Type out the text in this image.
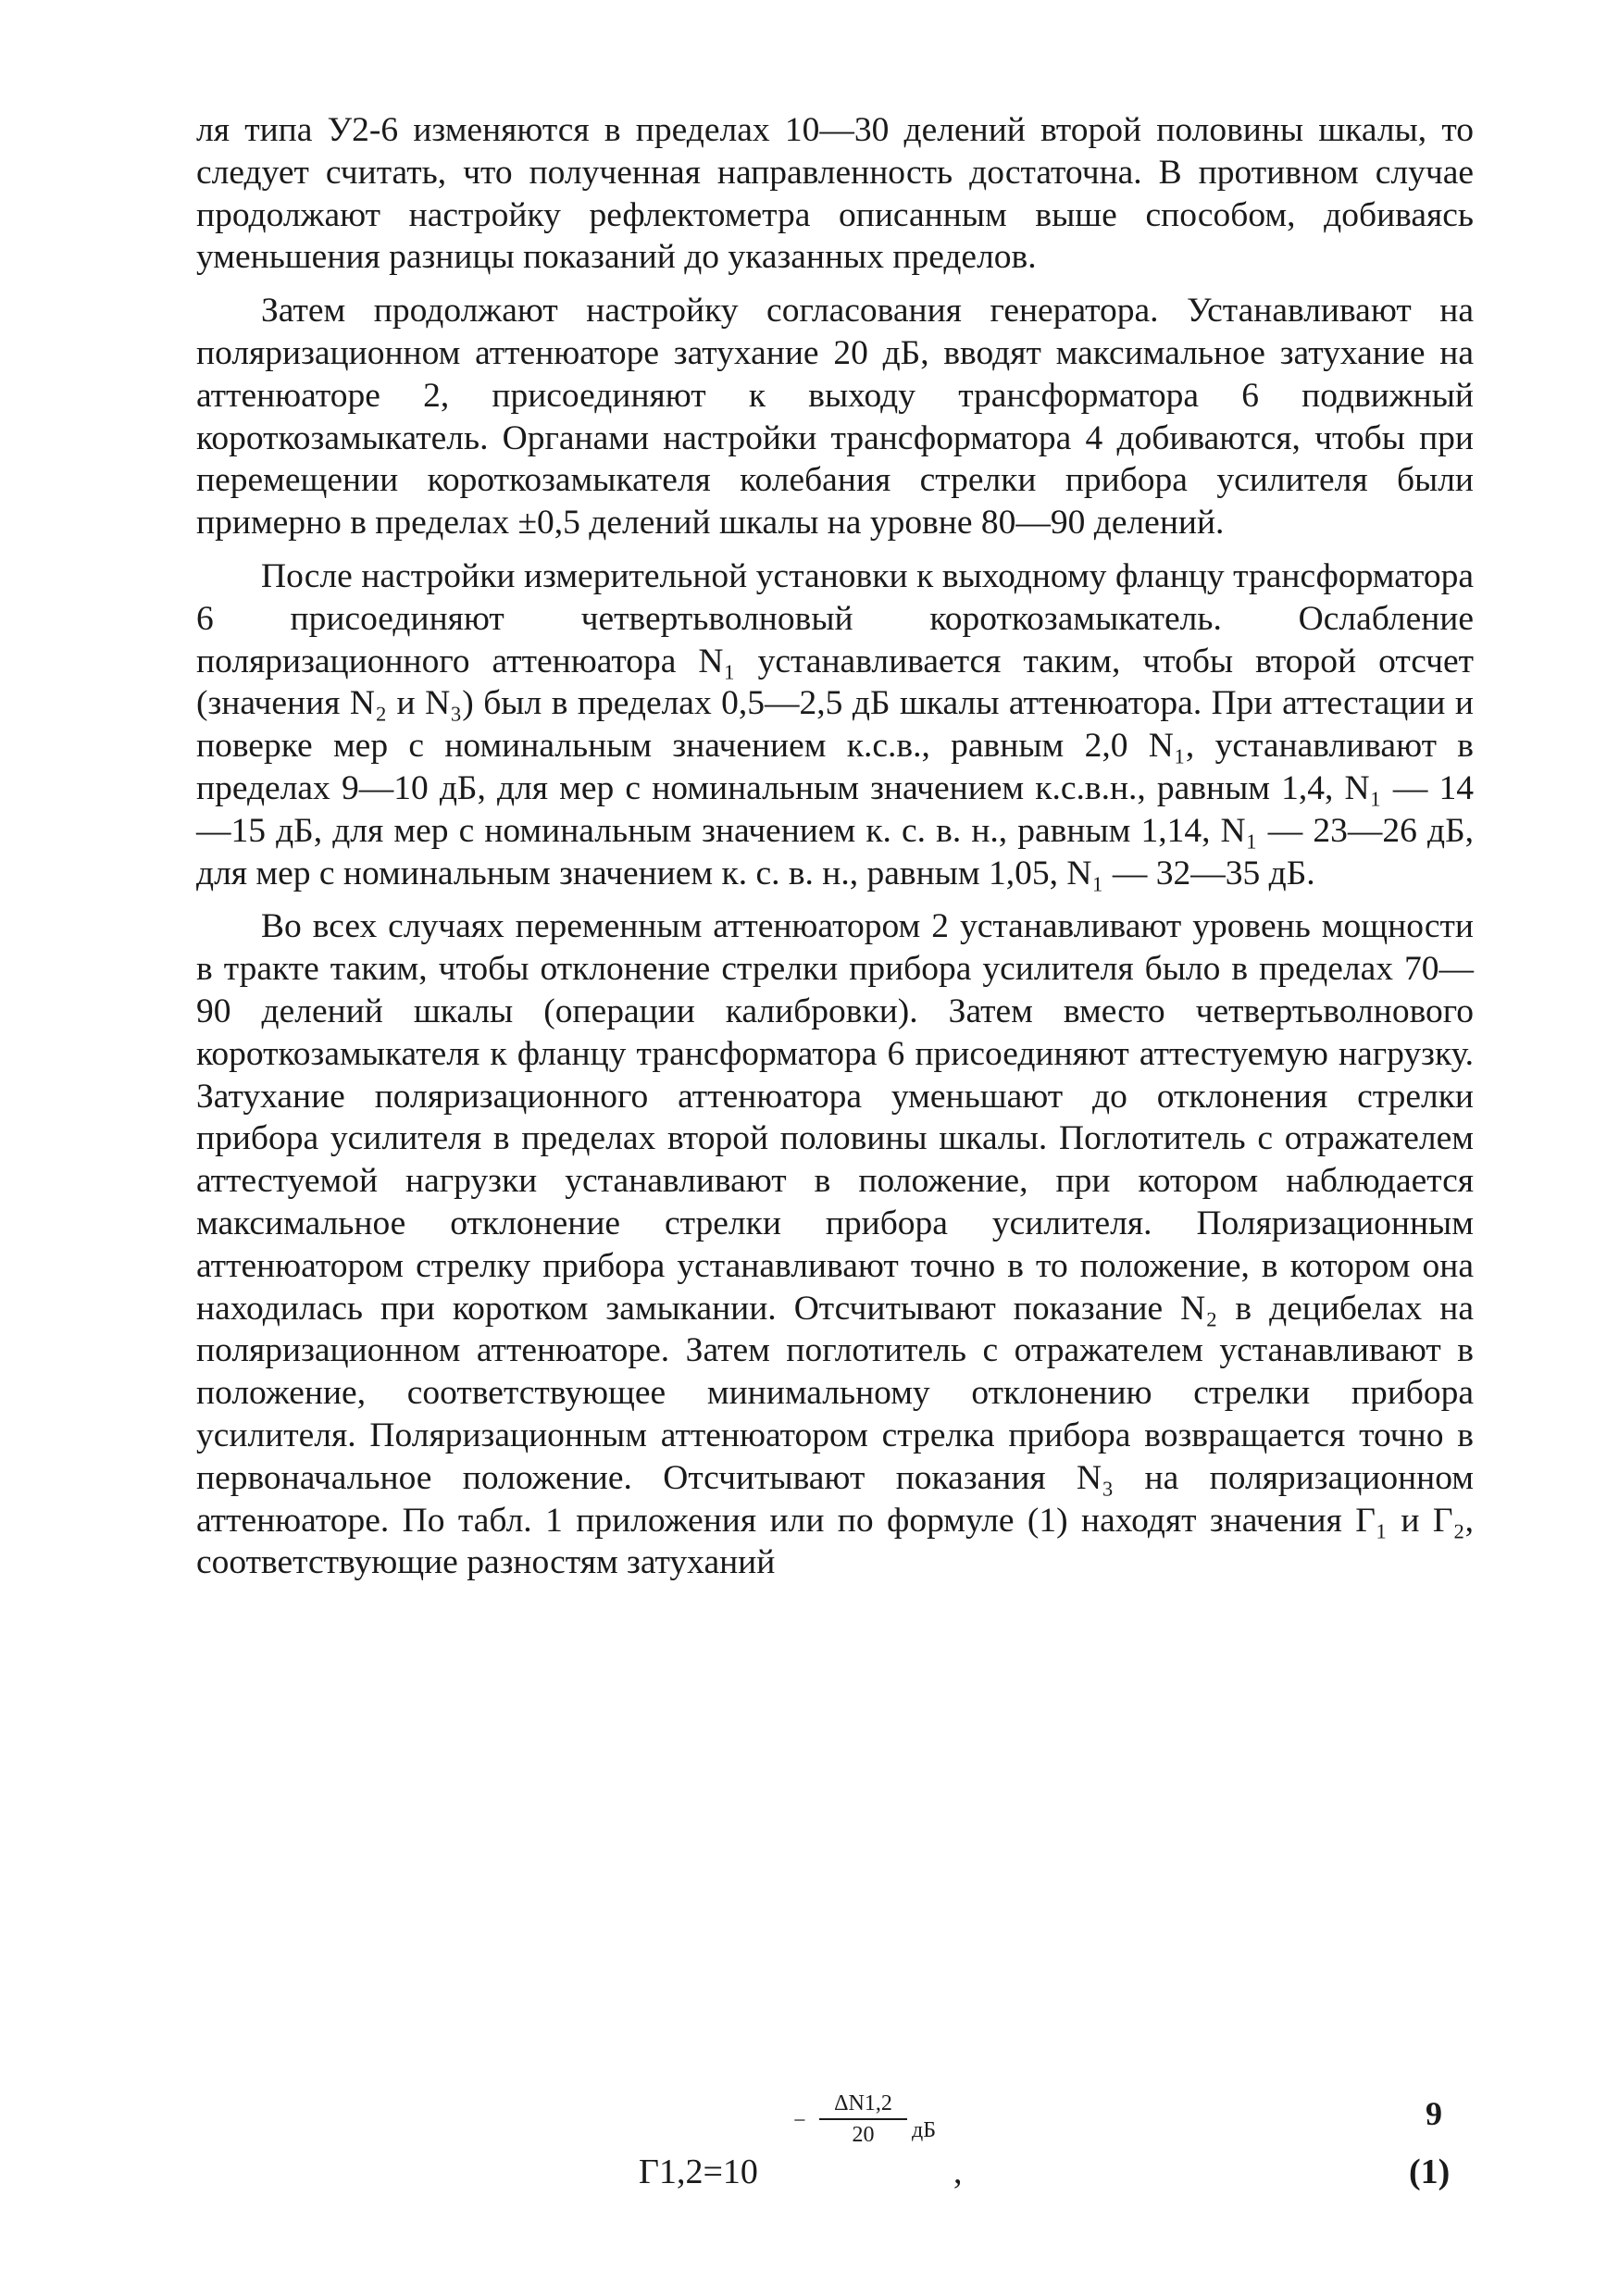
ля типа У2-6 изменяются в пределах 10—30 делений второй половины шкалы, то следует считать, что полученная направленность достаточна. В противном случае продолжают настройку рефлектометра описанным выше способом, добиваясь уменьшения разницы показаний до указанных пределов.

Затем продолжают настройку согласования генератора. Устанавливают на поляризационном аттенюаторе затухание 20 дБ, вводят максимальное затухание на аттенюаторе 2, присоединяют к выходу трансформатора 6 подвижный короткозамыкатель. Органами настройки трансформатора 4 добиваются, чтобы при перемещении короткозамыкателя колебания стрелки прибора усилителя были примерно в пределах ±0,5 делений шкалы на уровне 80—90 делений.

После настройки измерительной установки к выходному фланцу трансформатора 6 присоединяют четвертьволновый короткозамыкатель. Ослабление поляризационного аттенюатора N₁ устанавливается таким, чтобы второй отсчет (значения N₂ и N₃) был в пределах 0,5—2,5 дБ шкалы аттенюатора. При аттестации и поверке мер с номинальным значением к.с.в., равным 2,0 N₁, устанавливают в пределах 9—10 дБ, для мер с номинальным значением к.с.в.н., равным 1,4, N₁ — 14—15 дБ, для мер с номинальным значением к. с. в. н., равным 1,14, N₁ — 23—26 дБ, для мер с номинальным значением к. с. в. н., равным 1,05, N₁ — 32—35 дБ.

Во всех случаях переменным аттенюатором 2 устанавливают уровень мощности в тракте таким, чтобы отклонение стрелки прибора усилителя было в пределах 70—90 делений шкалы (операции калибровки). Затем вместо четвертьволнового короткозамыкателя к фланцу трансформатора 6 присоединяют аттестуемую нагрузку. Затухание поляризационного аттенюатора уменьшают до отклонения стрелки прибора усилителя в пределах второй половины шкалы. Поглотитель с отражателем аттестуемой нагрузки устанавливают в положение, при котором наблюдается максимальное отклонение стрелки прибора усилителя. Поляризационным аттенюатором стрелку прибора устанавливают точно в то положение, в котором она находилась при коротком замыкании. Отсчитывают показание N₂ в децибелах на поляризационном аттенюаторе. Затем поглотитель с отражателем устанавливают в положение, соответствующее минимальному отклонению стрелки прибора усилителя. Поляризационным аттенюатором стрелка прибора возвращается точно в первоначальное положение. Отсчитывают показания N₃ на поляризационном аттенюаторе. По табл. 1 приложения или по формуле (1) находят значения Г₁ и Г₂, соответствующие разностям затуханий

Г1,2=10
−
ΔN1,2
20	дБ
,	(1)
9
